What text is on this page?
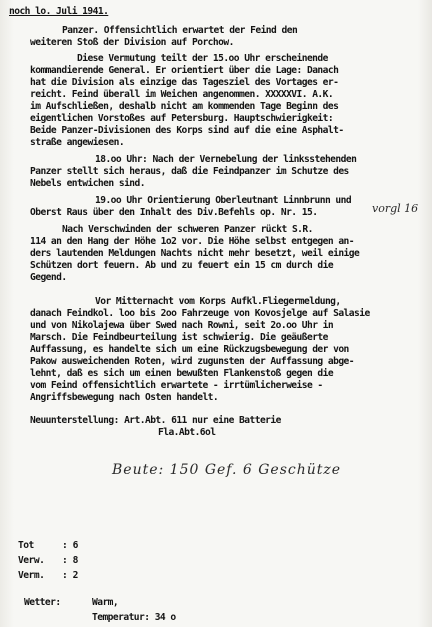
noch lo. Juli 1941.
Panzer. Offensichtlich erwartet der Feind den
weiteren Stoß der Division auf Porchow.
Diese Vermutung teilt der 15.oo Uhr erscheinende
kommandierende General. Er orientiert über die Lage: Danach
hat die Division als einzige das Tagesziel des Vortages er-
reicht. Feind überall im Weichen angenommen. XXXXXVI. A.K.
im Aufschließen, deshalb nicht am kommenden Tage Beginn des
eigentlichen Vorstoßes auf Petersburg. Hauptschwierigkeit:
Beide Panzer-Divisionen des Korps sind auf die eine Asphalt-
straße angewiesen.
18.oo Uhr: Nach der Vernebelung der linksstehenden
Panzer stellt sich heraus, daß die Feindpanzer im Schutze des
Nebels entwichen sind.
19.oo Uhr Orientierung Oberleutnant Linnbrunn und
Oberst Raus über den Inhalt des Div.Befehls op. Nr. 15.	vorgl 16
Nach Verschwinden der schweren Panzer rückt S.R.
114 an den Hang der Höhe 1o2 vor. Die Höhe selbst entgegen an-
ders lautenden Meldungen Nachts nicht mehr besetzt, weil einige
Schützen dort feuern. Ab und zu feuert ein 15 cm durch die
Gegend.
Vor Mitternacht vom Korps Aufkl.Fliegermeldung,
danach Feindkol. loo bis 2oo Fahrzeuge von Kovosjelge auf Salasie
und von Nikolajewa über Swed nach Rowni, seit 2o.oo Uhr in
Marsch. Die Feindbeurteilung ist schwierig. Die geäußerte
Auffassung, es handelte sich um eine Rückzugsbewegung der von
Pakow ausweichenden Roten, wird zugunsten der Auffassung abge-
lehnt, daß es sich um einen bewußten Flankenstoß gegen die
vom Feind offensichtlich erwartete - irrtümlicherweise -
Angriffsbewegung nach Osten handelt.
Neuunterstellung: Art.Abt. 611 nur eine Batterie
Fla.Abt.6ol
Beute: 150 Gef. 6 Geschütze
Tot	: 6
Verw. : 8
Verm. : 2
Wetter:	Warm,
Temperatur: 34 o
